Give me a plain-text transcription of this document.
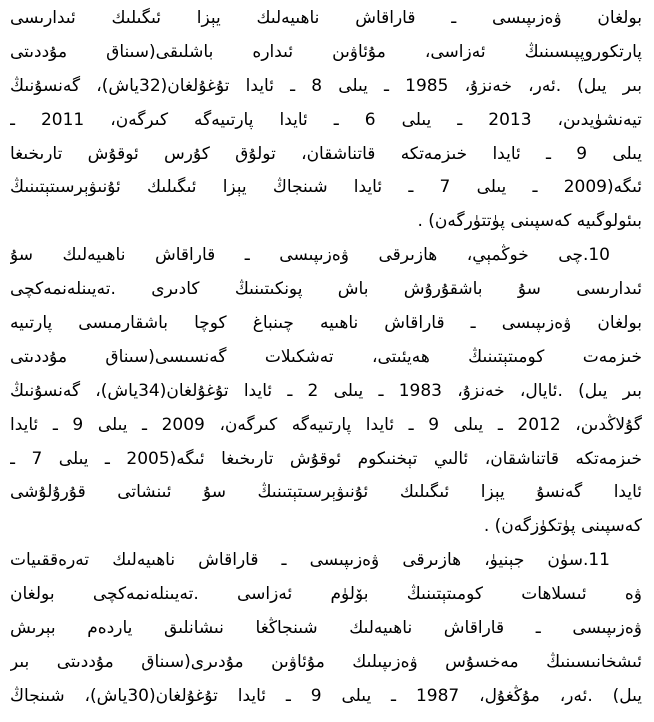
بولغان ۋەزىپىسى ـ قاراقاش ناھىيەلىك يېزا ئىگىلىك ئىدارىسى
پارتكوروپپىسىنىڭ ئەزاسى، مۇئاۋىن ئىدارە باشلىقى(سىناق مۇددىتى
بىر يىل) .ئەر، خەنزۇ، 1985 ـ يىلى 8 ـ ئايدا تۇغۇلغان(32ياش)، گەنسۇنىڭ
تيەنشۈيدىن، 2013 ـ يىلى 6 ـ ئايدا پارتىيەگە كىرگەن، 2011 ـ
يىلى 9 ـ ئايدا خىزمەتكە قاتناشقان، تولۇق كۇرس ئوقۇش تارىخىغا
ئىگە(2009 ـ يىلى 7 ـ ئايدا شىنجاڭ يېزا ئىگىلىك ئۇنىۋېرسىتېتىنىڭ
بىئولوگىيە كەسپىنى پۈتتۈرگەن) .
10.چى خوڭمېي، ھازىرقى ۋەزىپىسى ـ قاراقاش ناھىيەلىك سۇ
ئىدارىسى سۇ باشقۇرۇش باش پونكىتىنىڭ كادىرى .تەيىنلەنمەكچى
بولغان ۋەزىپىسى ـ قاراقاش ناھىيە چىنباغ كوچا باشقارمىسى پارتىيە
خىزمەت كومىتېتىنىڭ ھەيئىتى، تەشكىلات گەنسىسى(سىناق مۇددىتى
بىر يىل) .ئايال، خەنزۇ، 1983 ـ يىلى 2 ـ ئايدا تۇغۇلغان(34ياش)، گەنسۇنىڭ
گۇلاڭدىن، 2012 ـ يىلى 9 ـ ئايدا پارتىيەگە كىرگەن، 2009 ـ يىلى 9 ـ ئايدا
خىزمەتكە قاتناشقان، ئالىي تېخنىكوم ئوقۇش تارىخىغا ئىگە(2005 ـ يىلى 7 ـ
ئايدا گەنسۇ يېزا ئىگىلىك ئۇنىۋېرسىتېتىنىڭ سۇ ئىنشاتى قۇرۇلۇشى
كەسپىنى پۈتكۈزگەن) .
11.سۈن جېنيۈ، ھازىرقى ۋەزىپىسى ـ قاراقاش ناھىيەلىك تەرەققىيات
ۋە ئىسلاھات كومىتېتىنىڭ بۆلۈم ئەزاسى .تەيىنلەنمەكچى بولغان
ۋەزىپىسى ـ قاراقاش ناھىيەلىك شىنجاڭغا نىشانلىق ياردەم بېرىش
ئىشخانىسىنىڭ مەخسۇس ۋەزىپىلىك مۇئاۋىن مۇدىرى(سىناق مۇددىتى بىر
يىل) .ئەر، مۇڭغۇل، 1987 ـ يىلى 9 ـ ئايدا تۇغۇلغان(30ياش)، شىنجاڭ
